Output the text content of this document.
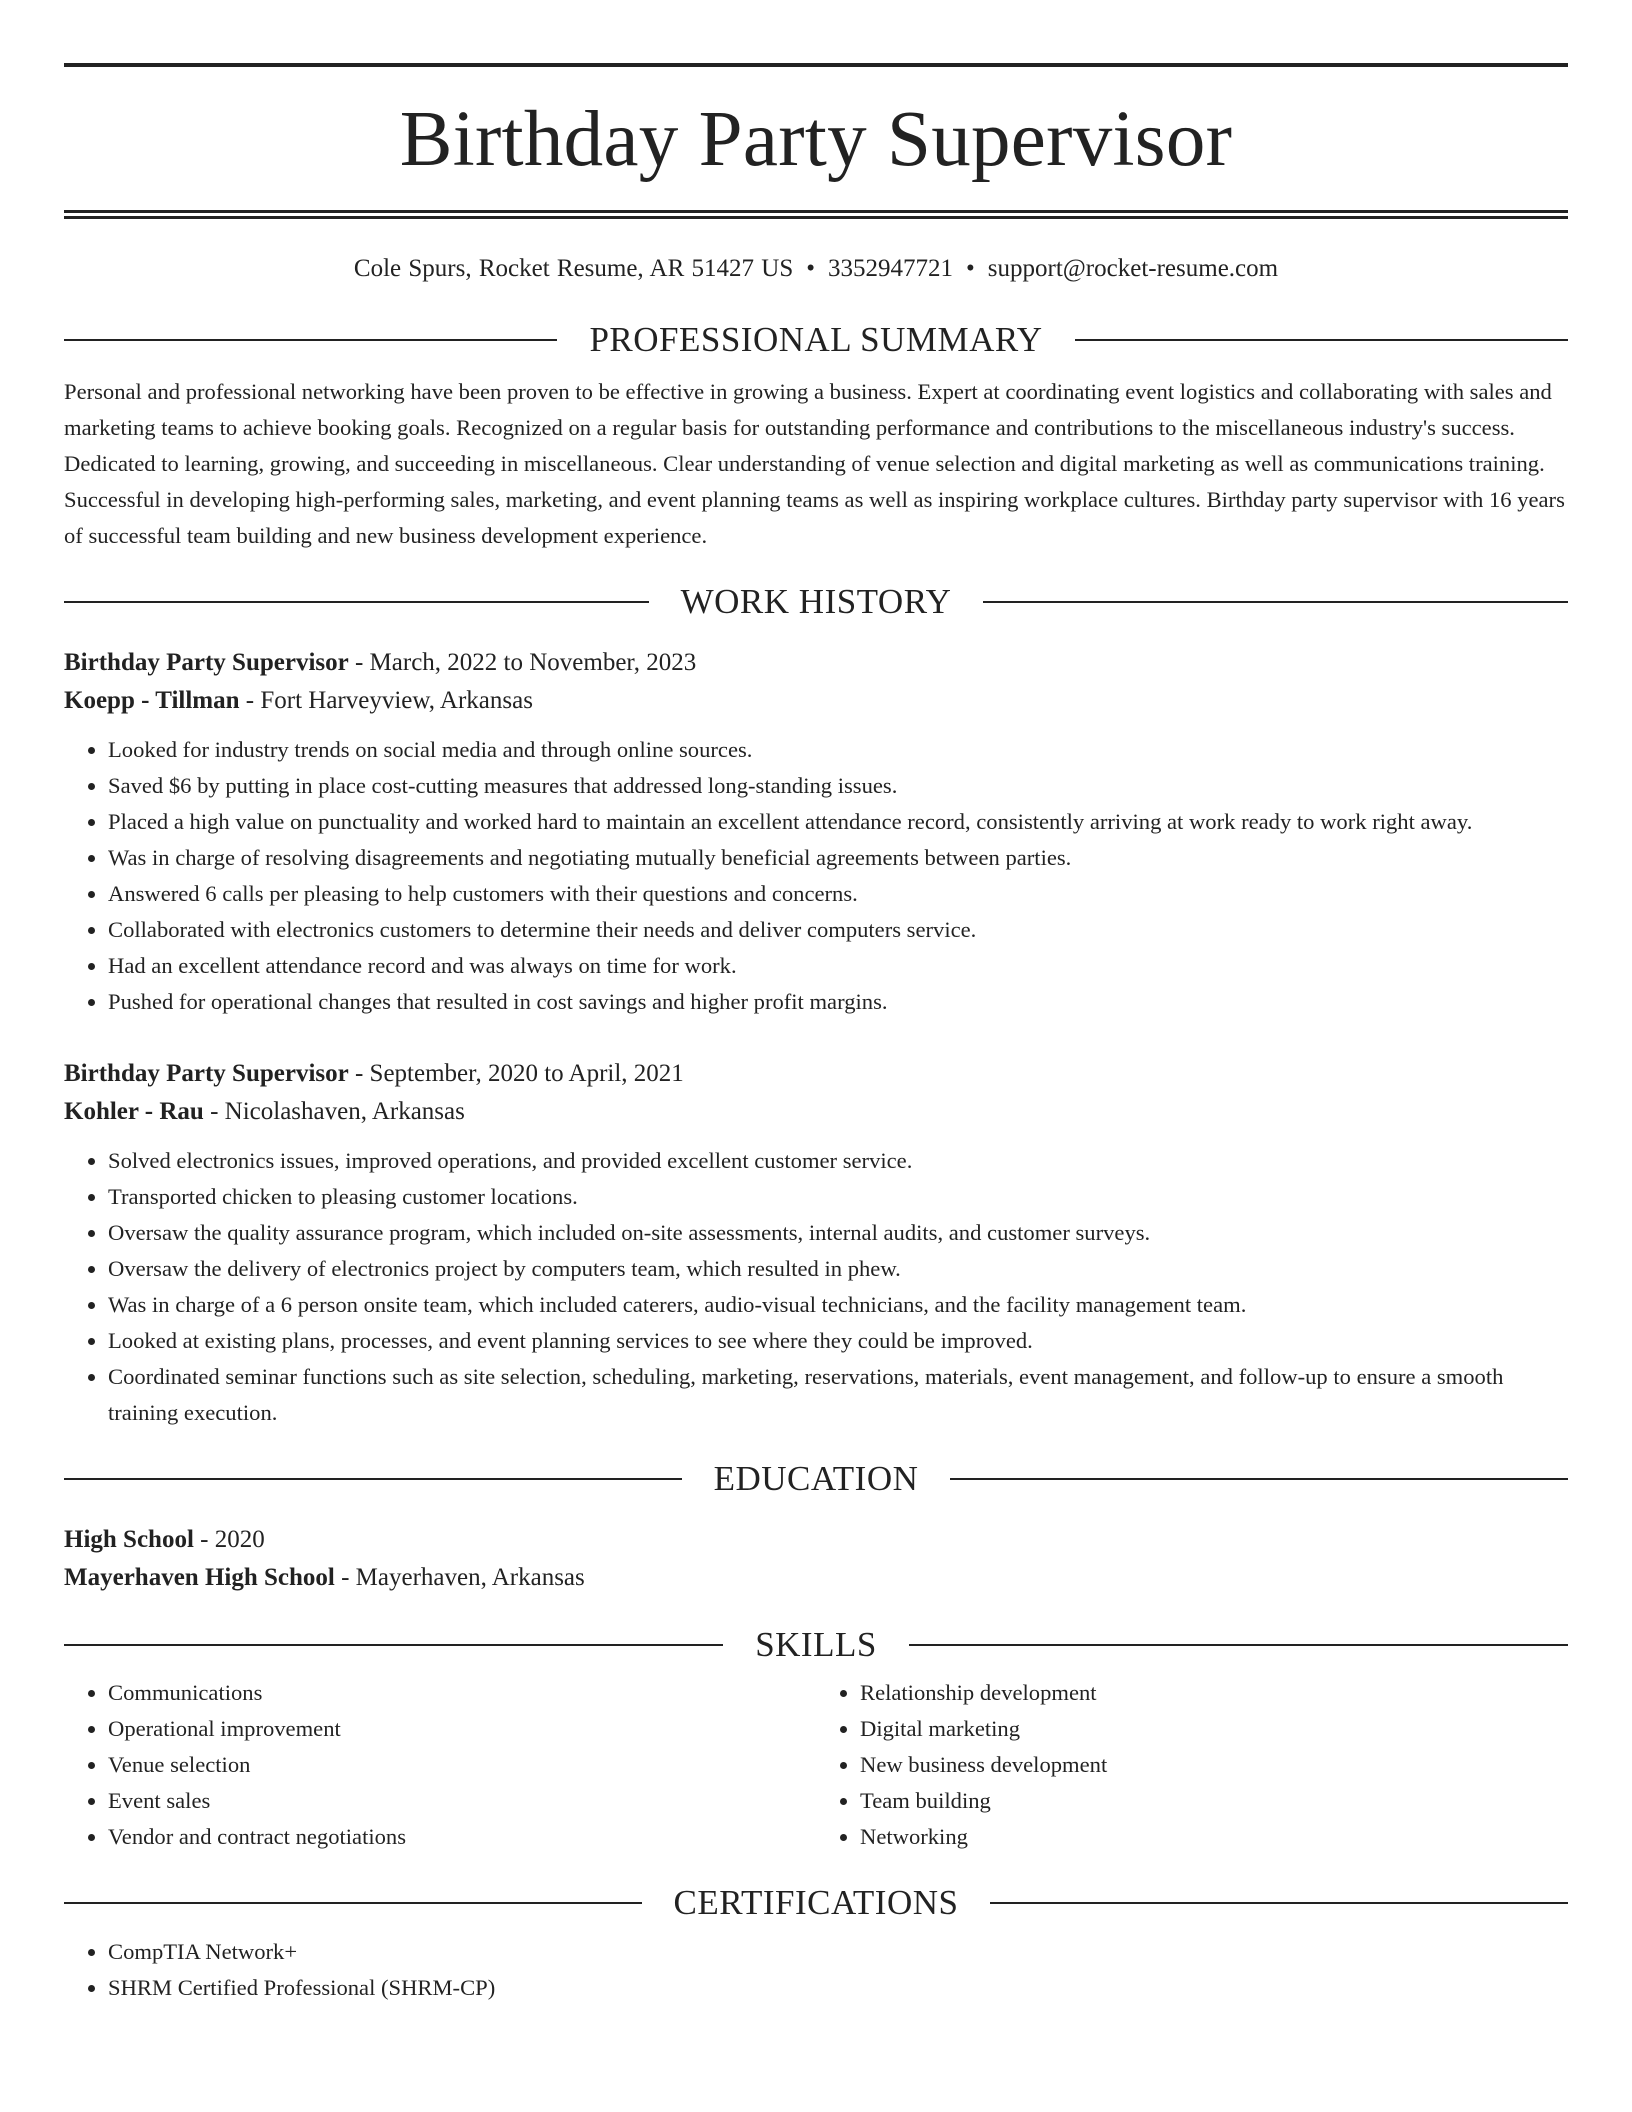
Birthday Party Supervisor
Cole Spurs, Rocket Resume, AR 51427 US • 3352947721 • support@rocket-resume.com
PROFESSIONAL SUMMARY

Personal and professional networking have been proven to be effective in growing a business. Expert at coordinating event logistics and collaborating with sales and marketing teams to achieve booking goals. Recognized on a regular basis for outstanding performance and contributions to the miscellaneous industry's success. Dedicated to learning, growing, and succeeding in miscellaneous. Clear understanding of venue selection and digital marketing as well as communications training. Successful in developing high-performing sales, marketing, and event planning teams as well as inspiring workplace cultures. Birthday party supervisor with 16 years of successful team building and new business development experience.

WORK HISTORY
Birthday Party Supervisor - March, 2022 to November, 2023
Koepp - Tillman - Fort Harveyview, Arkansas
• Looked for industry trends on social media and through online sources.
• Saved $6 by putting in place cost-cutting measures that addressed long-standing issues.
• Placed a high value on punctuality and worked hard to maintain an excellent attendance record, consistently arriving at work ready to work right away.
• Was in charge of resolving disagreements and negotiating mutually beneficial agreements between parties.
• Answered 6 calls per pleasing to help customers with their questions and concerns.
• Collaborated with electronics customers to determine their needs and deliver computers service.
• Had an excellent attendance record and was always on time for work.
• Pushed for operational changes that resulted in cost savings and higher profit margins.
Birthday Party Supervisor - September, 2020 to April, 2021
Kohler - Rau - Nicolashaven, Arkansas
• Solved electronics issues, improved operations, and provided excellent customer service.
• Transported chicken to pleasing customer locations.
• Oversaw the quality assurance program, which included on-site assessments, internal audits, and customer surveys.
• Oversaw the delivery of electronics project by computers team, which resulted in phew.
• Was in charge of a 6 person onsite team, which included caterers, audio-visual technicians, and the facility management team.
• Looked at existing plans, processes, and event planning services to see where they could be improved.
• Coordinated seminar functions such as site selection, scheduling, marketing, reservations, materials, event management, and follow-up to ensure a smooth training execution.
EDUCATION
High School - 2020
Mayerhaven High School - Mayerhaven, Arkansas
SKILLS
• Communications
• Operational improvement
• Venue selection
• Event sales
• Vendor and contract negotiations
• Relationship development
• Digital marketing
• New business development
• Team building
• Networking
CERTIFICATIONS
• CompTIA Network+
• SHRM Certified Professional (SHRM-CP)
